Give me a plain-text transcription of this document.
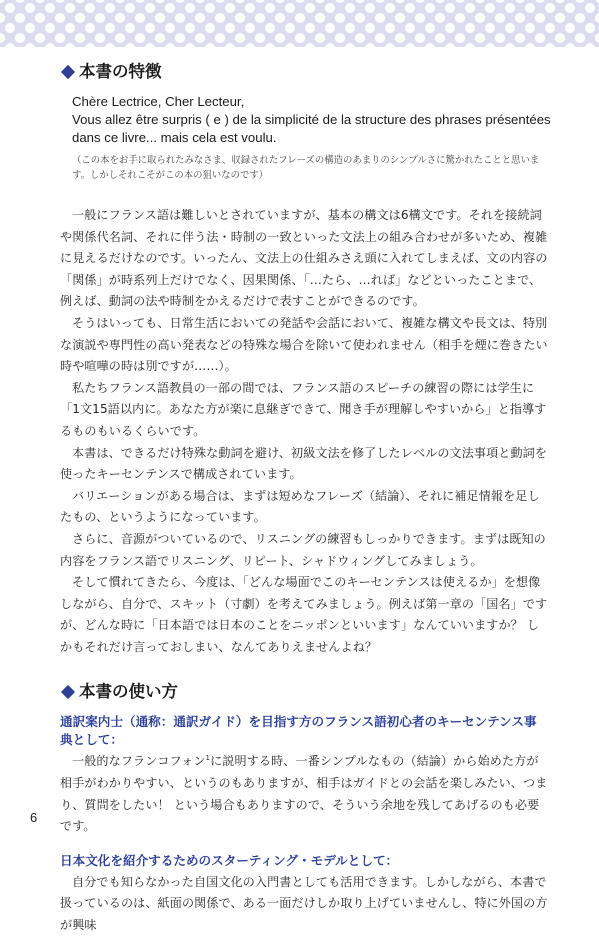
本書の特徴
Chère Lectrice, Cher Lecteur,
Vous allez être surpris ( e ) de la simplicité de la structure des phrases présentées
dans ce livre... mais cela est voulu.

（この本をお手に取られたみなさま、収録されたフレーズの構造のあまりのシンプルさに驚かれたことと思います。しかしそれこそがこの本の狙いなのです）

一般にフランス語は難しいとされていますが、基本の構文は6構文です。それを接続詞や関係代名詞、それに伴う法・時制の一致といった文法上の組み合わせが多いため、複雑に見えるだけなのです。いったん、文法上の仕組みさえ頭に入れてしまえば、文の内容の「関係」が時系列上だけでなく、因果関係、「…たら、…れば」などといったことまで、例えば、動詞の法や時制をかえるだけで表すことができるのです。

そうはいっても、日常生活においての発話や会話において、複雑な構文や長文は、特別な演説や専門性の高い発表などの特殊な場合を除いて使われません（相手を煙に巻きたい時や喧嘩の時は別ですが……）。

私たちフランス語教員の一部の間では、フランス語のスピーチの練習の際には学生に「1文15語以内に。あなた方が楽に息継ぎできて、聞き手が理解しやすいから」と指導するものもいるくらいです。

本書は、できるだけ特殊な動詞を避け、初級文法を修了したレベルの文法事項と動詞を使ったキーセンテンスで構成されています。

バリエーションがある場合は、まずは短めなフレーズ（結論）、それに補足情報を足したもの、というようになっています。

さらに、音源がついているので、リスニングの練習もしっかりできます。まずは既知の内容をフランス語でリスニング、リピート、シャドウィングしてみましょう。

そして慣れてきたら、今度は、「どんな場面でこのキーセンテンスは使えるか」を想像しながら、自分で、スキット（寸劇）を考えてみましょう。例えば第一章の「国名」ですが、どんな時に「日本語では日本のことをニッポンといいます」なんていいますか？ しかもそれだけ言っておしまい、なんてありえませんよね？

本書の使い方
通訳案内士（通称：通訳ガイド）を目指す方のフランス語初心者のキーセンテンス事典として：

一般的なフランコフォン$^1$に説明する時、一番シンプルなもの（結論）から始めた方が相手がわかりやすい、というのもありますが、相手はガイドとの会話を楽しみたい、つまり、質問をしたい！ という場合もありますので、そういう余地を残してあげるのも必要です。

日本文化を紹介するためのスターティング・モデルとして：

自分でも知らなかった自国文化の入門書としても活用できます。しかしながら、本書で扱っているのは、紙面の関係で、ある一面だけしか取り上げていませんし、特に外国の方が興味

6
